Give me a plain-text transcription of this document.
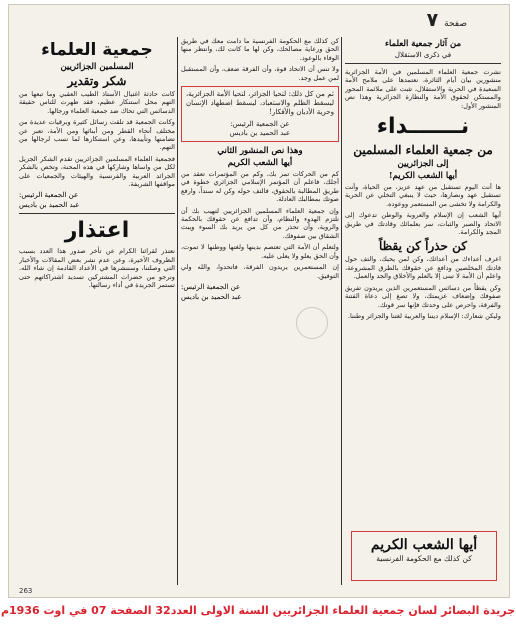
صفحة ٧
من آثار جمعية العلماء
في ذكرى الاستقلال

نشرت جمعية العلماء المسلمين في الأمة الجزائرية منشورين بيان أيام الثائرة، نعتمدها على ملامح الأمة السعيدة في الحرية والاستقلال، تثبت على ملائمة المحور والمستكن لحقوق الأمة والنظارة الجزائرية وهذا نص المنشور الأول:

نـــــــداء
من جمعية العلماء المسلمين
إلى الجزائريين
أيها الشعب الكريم!

ها أنت اليوم تستقبل من عهد عزيز، من الحياة، وأنت تستقبل عهد ونصارها، حيث لا ينبغي التخلي عن الحرية والكرامة ولا تخشى من المستعمر ووعوده.

أيها الشعب إن الإسلام والعروبة والوطن تدعوك إلى الاتحاد والصبر والثبات، سر بعلمائك وقادتك في طريق المجد والكرامة.

كن حذراً كن يقظاً

اعرف أعداءك من أعدائك، وكن لمن يحبك، والتف حول قادتك المخلصين ودافع عن حقوقك بالطرق المشروعة، واعلم أن الأمة لا تبنى إلا بالعلم والأخلاق والجد والعمل.

وكن يقظاً من دسائس المستعمرين الذين يريدون تفريق صفوفك وإضعاف عزيمتك، ولا تصغ إلى دعاة الفتنة والفرقة، واحرص على وحدتك فإنها سر قوتك.

وليكن شعارك: الإسلام ديننا والعربية لغتنا والجزائر وطننا.

أيها الشعب الكريم

كن كذلك مع الحكومة الفرنسية

كن كذلك مع الحكومة الفرنسية ما دامت معك في طريق الحق ورعاية مصالحك، وكن لها ما كانت لك، وانتظر منها الوفاء بالوعود.

ولا تنس أن الاتحاد قوة، وأن الفرقة ضعف، وأن المستقبل لمن عمل وجد.

ثم من كل ذلك: لتحيا الجزائر، لتحيا الأمة الجزائرية، ليسقط الظلم والاستعباد، ليسقط اضطهاد الإنسان وحرية الأديان والأفكار!

عن الجمعية الرئيس:

عبد الحميد بن باديس

وهذا نص المنشور الثاني
أيها الشعب الكريم

كم من الحركات تمر بك، وكم من المؤتمرات تعقد من أجلك، فاعلم أن المؤتمر الإسلامي الجزائري خطوة في طريق المطالبة بالحقوق، فالتف حوله وكن له سنداً، وارفع صوتك بمطالبك العادلة.

وإن جمعية العلماء المسلمين الجزائريين لتهيب بك أن تلتزم الهدوء والنظام، وأن تدافع عن حقوقك بالحكمة والروية، وأن تحذر من كل من يريد بك السوء ويبث الشقاق بين صفوفك.

ولتعلم أن الأمة التي تعتصم بدينها ولغتها ووطنها لا تموت، وأن الحق يعلو ولا يعلى عليه.

إن المستعمرين يريدون الفرقة، فاتحدوا، والله ولي التوفيق.

عن الجمعية الرئيس:

عبد الحميد بن باديس

جمعية العلماء
المسلمين الجزائريين
شكر وتقدير

كانت حادثة اغتيال الأستاذ الطيب العقبي وما تبعها من التهم محل استنكار عظيم، فقد ظهرت للناس حقيقة الدسائس التي تحاك ضد جمعية العلماء ورجالها.

وكانت الجمعية قد تلقت رسائل كثيرة وبرقيات عديدة من مختلف أنحاء القطر ومن أبنائها ومن الأمة، تعبر عن تضامنها وتأييدها، وعن استنكارها لما نسب لرجالها من التهم.

فجمعية العلماء المسلمين الجزائريين تقدم الشكر الجزيل لكل من واساها وشاركها في هذه المحنة، وتخص بالشكر الجرائد العربية والفرنسية والهيئات والجمعيات على مواقفها الشريفة.

عن الجمعية الرئيس:

عبد الحميد بن باديس

اعتذار

نعتذر لقرائنا الكرام عن تأخر صدور هذا العدد بسبب الظروف الأخيرة، وعن عدم نشر بعض المقالات والأخبار التي وصلتنا، وسننشرها في الأعداد القادمة إن شاء الله. ونرجو من حضرات المشتركين تسديد اشتراكاتهم حتى تستمر الجريدة في أداء رسالتها.

263
جريدة البصائر لسان جمعية العلماء الجزائريين السنة الاولى العدد32 الصفحة 07 في اوت 1936م
